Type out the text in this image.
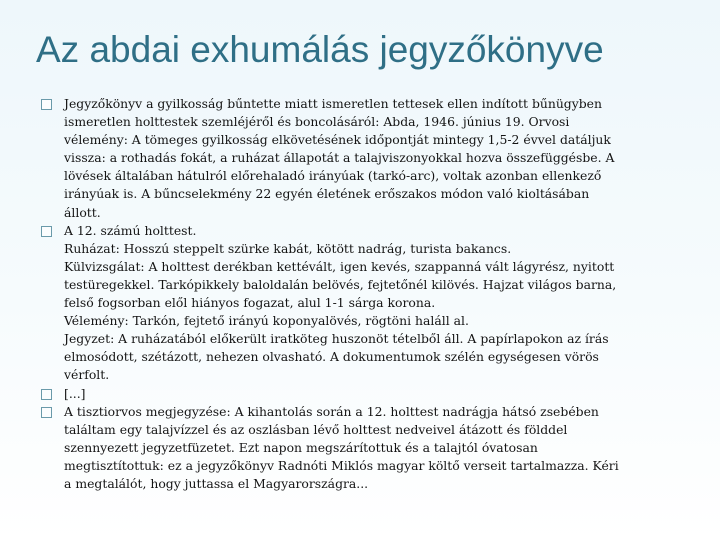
Az abdai exhumálás jegyzőkönyve
Jegyzőkönyv a gyilkosság bűntette miatt ismeretlen tettesek ellen indított bűnügyben
ismeretlen holttestek szemléjéről és boncolásáról: Abda, 1946. június 19. Orvosi
vélemény: A tömeges gyilkosság elkövetésének időpontját mintegy 1,5-2 évvel datáljuk
vissza: a rothadás fokát, a ruházat állapotát a talajviszonyokkal hozva összefüggésbe. A
lövések általában hátulról előrehaladó irányúak (tarkó-arc), voltak azonban ellenkező
irányúak is. A bűncselekmény 22 egyén életének erőszakos módon való kioltásában
állott.
A 12. számú holttest.
Ruházat: Hosszú steppelt szürke kabát, kötött nadrág, turista bakancs.
Külvizsgálat: A holttest derékban kettévált, igen kevés, szappanná vált lágyrész, nyitott
testüregekkel. Tarkópikkely baloldalán belövés, fejtetőnél kilövés. Hajzat világos barna,
felső fogsorban elől hiányos fogazat, alul 1-1 sárga korona.
Vélemény: Tarkón, fejtető irányú koponyalövés, rögtöni haláll al.
Jegyzet: A ruházatából előkerült iratköteg huszonöt tételből áll. A papírlapokon az írás
elmosódott, szétázott, nehezen olvasható. A dokumentumok szélén egységesen vörös
vérfolt.
[...]
A tisztiorvos megjegyzése: A kihantolás során a 12. holttest nadrágja hátsó zsebében
találtam egy talajvízzel és az oszlásban lévő holttest nedveivel átázott és földdel
szennyezett jegyzetfüzetet. Ezt napon megszárítottuk és a talajtól óvatosan
megtisztítottuk: ez a jegyzőkönyv Radnóti Miklós magyar költő verseit tartalmazza. Kéri
a megtalálót, hogy juttassa el Magyarországra...
